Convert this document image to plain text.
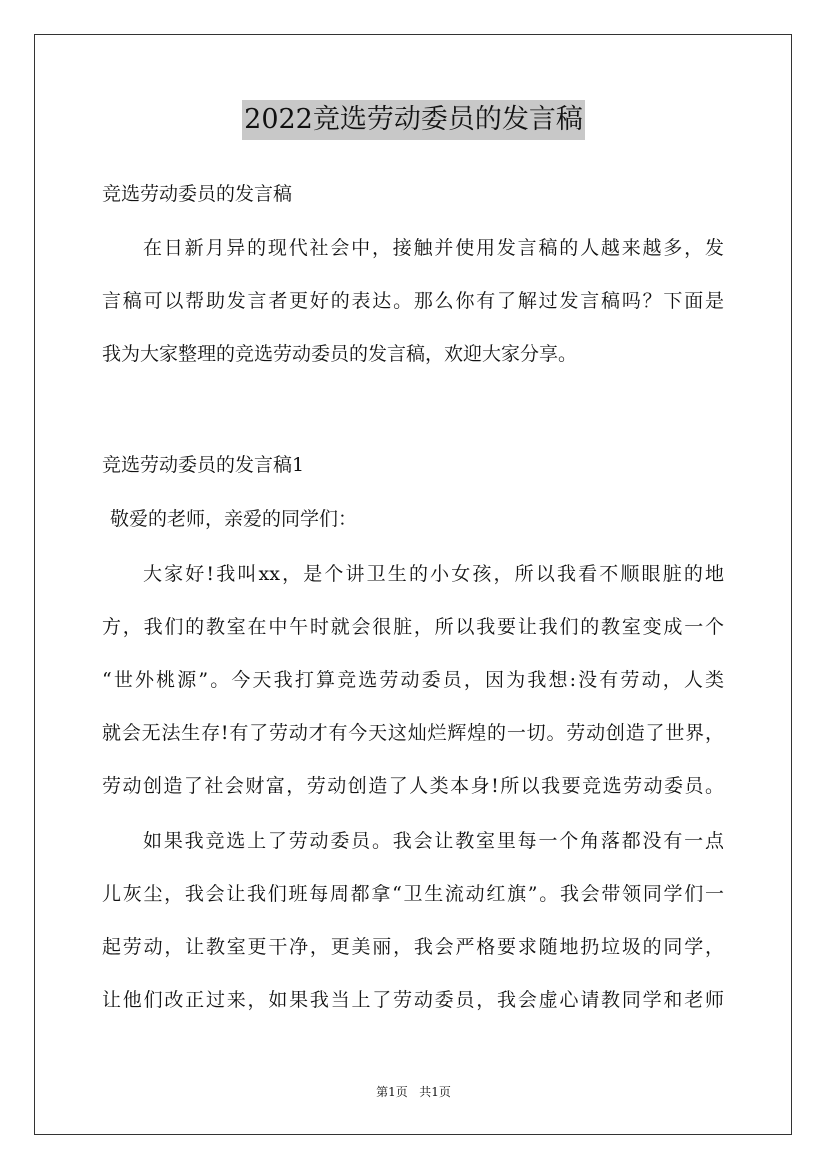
2022竞选劳动委员的发言稿
竞选劳动委员的发言稿
在日新月异的现代社会中，接触并使用发言稿的人越来越多，发
言稿可以帮助发言者更好的表达。那么你有了解过发言稿吗？下面是
我为大家整理的竞选劳动委员的发言稿，欢迎大家分享。
竞选劳动委员的发言稿1
敬爱的老师，亲爱的同学们：
大家好!我叫xx，是个讲卫生的小女孩，所以我看不顺眼脏的地
方，我们的教室在中午时就会很脏，所以我要让我们的教室变成一个
“世外桃源”。今天我打算竞选劳动委员，因为我想:没有劳动，人类
就会无法生存!有了劳动才有今天这灿烂辉煌的一切。劳动创造了世界，
劳动创造了社会财富，劳动创造了人类本身!所以我要竞选劳动委员。
如果我竞选上了劳动委员。我会让教室里每一个角落都没有一点
儿灰尘，我会让我们班每周都拿“卫生流动红旗”。我会带领同学们一
起劳动，让教室更干净，更美丽，我会严格要求随地扔垃圾的同学，
让他们改正过来，如果我当上了劳动委员，我会虚心请教同学和老师
第1页 共1页
